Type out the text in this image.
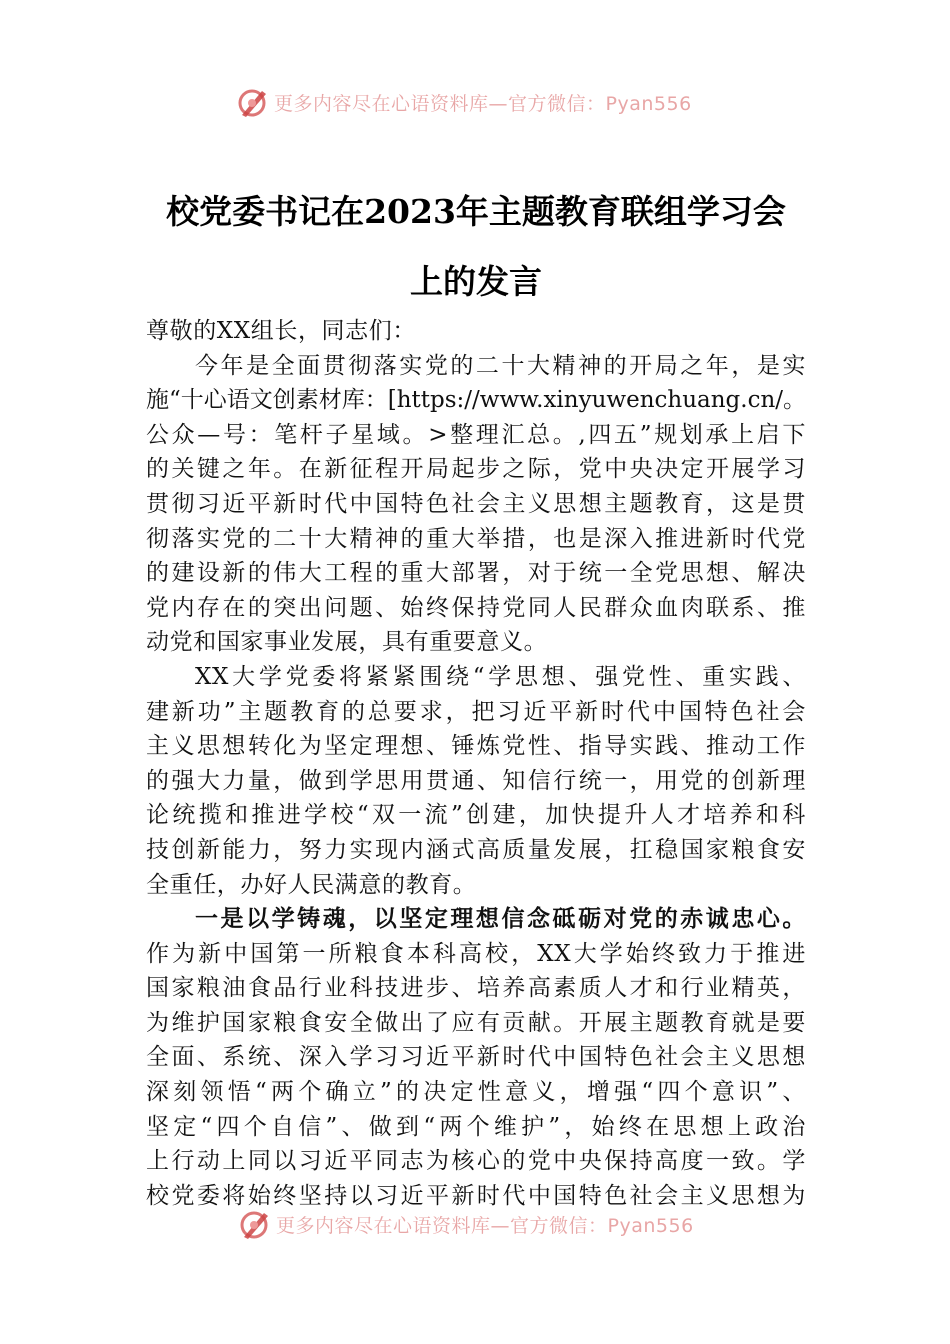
更多内容尽在心语资料库—官方微信：Pyan556
校党委书记在2023年主题教育联组学习会
上的发言
尊敬的XX组长，同志们：
今年是全面贯彻落实党的二十大精神的开局之年，是实
施“十心语文创素材库：[https://www.xinyuwenchuang.cn/。
公众—号：笔杆子星域。>整理汇总。,四五”规划承上启下
的关键之年。在新征程开局起步之际，党中央决定开展学习
贯彻习近平新时代中国特色社会主义思想主题教育，这是贯
彻落实党的二十大精神的重大举措，也是深入推进新时代党
的建设新的伟大工程的重大部署，对于统一全党思想、解决
党内存在的突出问题、始终保持党同人民群众血肉联系、推
动党和国家事业发展，具有重要意义。
XX大学党委将紧紧围绕“学思想、强党性、重实践、
建新功”主题教育的总要求，把习近平新时代中国特色社会
主义思想转化为坚定理想、锤炼党性、指导实践、推动工作
的强大力量，做到学思用贯通、知信行统一，用党的创新理
论统揽和推进学校“双一流”创建，加快提升人才培养和科
技创新能力，努力实现内涵式高质量发展，扛稳国家粮食安
全重任，办好人民满意的教育。
一是以学铸魂，以坚定理想信念砥砺对党的赤诚忠心。
作为新中国第一所粮食本科高校，XX大学始终致力于推进
国家粮油食品行业科技进步、培养高素质人才和行业精英，
为维护国家粮食安全做出了应有贡献。开展主题教育就是要
全面、系统、深入学习习近平新时代中国特色社会主义思想
深刻领悟“两个确立”的决定性意义，增强“四个意识”、
坚定“四个自信”、做到“两个维护”，始终在思想上政治
上行动上同以习近平同志为核心的党中央保持高度一致。学
校党委将始终坚持以习近平新时代中国特色社会主义思想为
更多内容尽在心语资料库—官方微信：Pyan556
